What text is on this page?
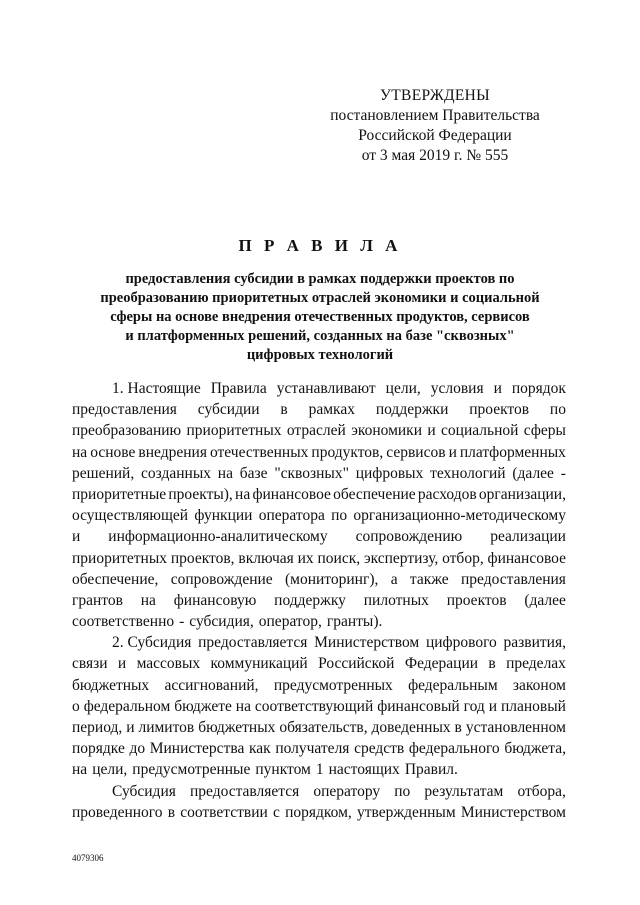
УТВЕРЖДЕНЫ
постановлением Правительства
Российской Федерации
от 3 мая 2019 г. № 555
П Р А В И Л А
предоставления субсидии в рамках поддержки проектов по
преобразованию приоритетных отраслей экономики и социальной
сферы на основе внедрения отечественных продуктов, сервисов
и платформенных решений, созданных на базе "сквозных"
цифровых технологий
1. Настоящие Правила устанавливают цели, условия и порядок
предоставления субсидии в рамках поддержки проектов по
преобразованию приоритетных отраслей экономики и социальной сферы
на основе внедрения отечественных продуктов, сервисов и платформенных
решений, созданных на базе "сквозных" цифровых технологий (далее -
приоритетные проекты), на финансовое обеспечение расходов организации,
осуществляющей функции оператора по организационно-методическому
и информационно-аналитическому сопровождению реализации
приоритетных проектов, включая их поиск, экспертизу, отбор, финансовое
обеспечение, сопровождение (мониторинг), а также предоставления
грантов на финансовую поддержку пилотных проектов (далее
соответственно - субсидия, оператор, гранты).
2. Субсидия предоставляется Министерством цифрового развития,
связи и массовых коммуникаций Российской Федерации в пределах
бюджетных ассигнований, предусмотренных федеральным законом
о федеральном бюджете на соответствующий финансовый год и плановый
период, и лимитов бюджетных обязательств, доведенных в установленном
порядке до Министерства как получателя средств федерального бюджета,
на цели, предусмотренные пунктом 1 настоящих Правил.
Субсидия предоставляется оператору по результатам отбора,
проведенного в соответствии с порядком, утвержденным Министерством
4079306
